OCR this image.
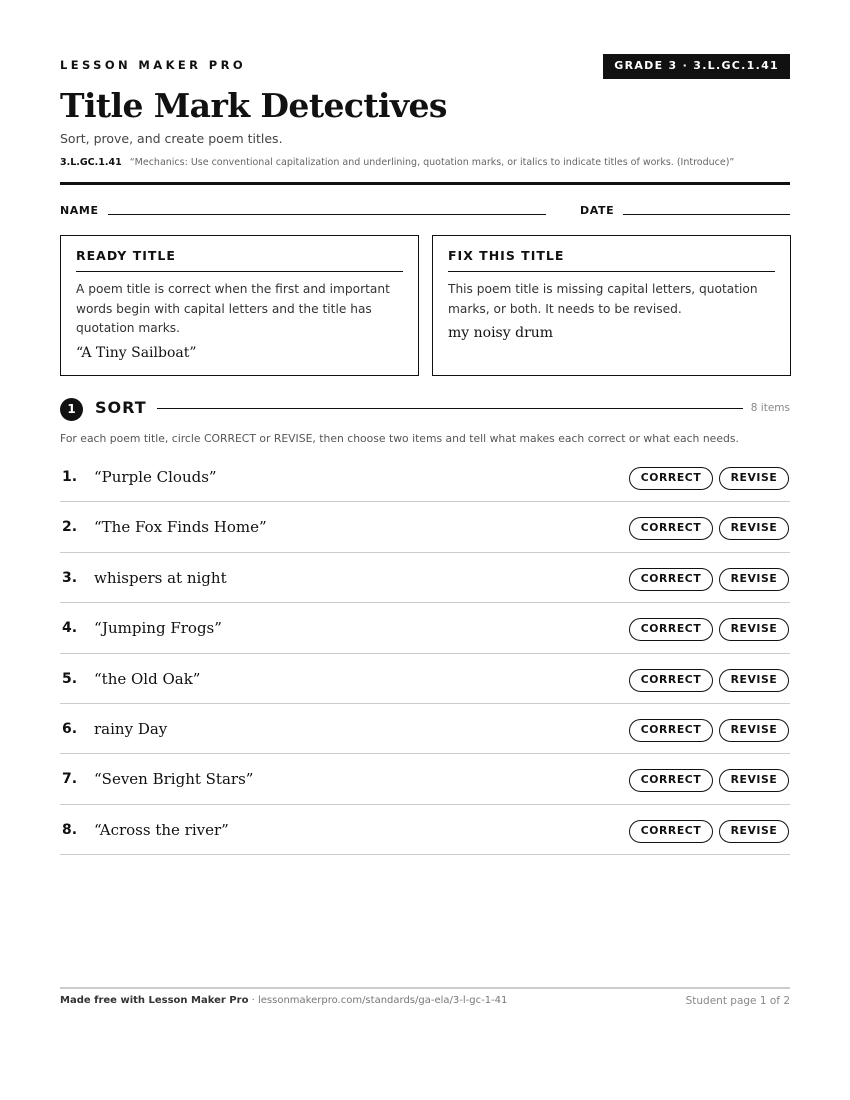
LESSON MAKER PRO	GRADE 3 · 3.L.GC.1.41
Title Mark Detectives
Sort, prove, and create poem titles.
3.L.GC.1.41 “Mechanics: Use conventional capitalization and underlining, quotation marks, or italics to indicate titles of works. (Introduce)”
NAME	DATE
READY TITLE
A poem title is correct when the first and important words begin with capital letters and the title has quotation marks.
“A Tiny Sailboat”
FIX THIS TITLE
This poem title is missing capital letters, quotation marks, or both. It needs to be revised.
my noisy drum
1	SORT	8 items
For each poem title, circle CORRECT or REVISE, then choose two items and tell what makes each correct or what each needs.
1. “Purple Clouds”	CORRECT	REVISE
2. “The Fox Finds Home”	CORRECT	REVISE
3. whispers at night	CORRECT	REVISE
4. “Jumping Frogs”	CORRECT	REVISE
5. “the Old Oak”	CORRECT	REVISE
6. rainy Day	CORRECT	REVISE
7. “Seven Bright Stars”	CORRECT	REVISE
8. “Across the river”	CORRECT	REVISE
Made free with Lesson Maker Pro · lessonmakerpro.com/standards/ga-ela/3-l-gc-1-41	Student page 1 of 2
